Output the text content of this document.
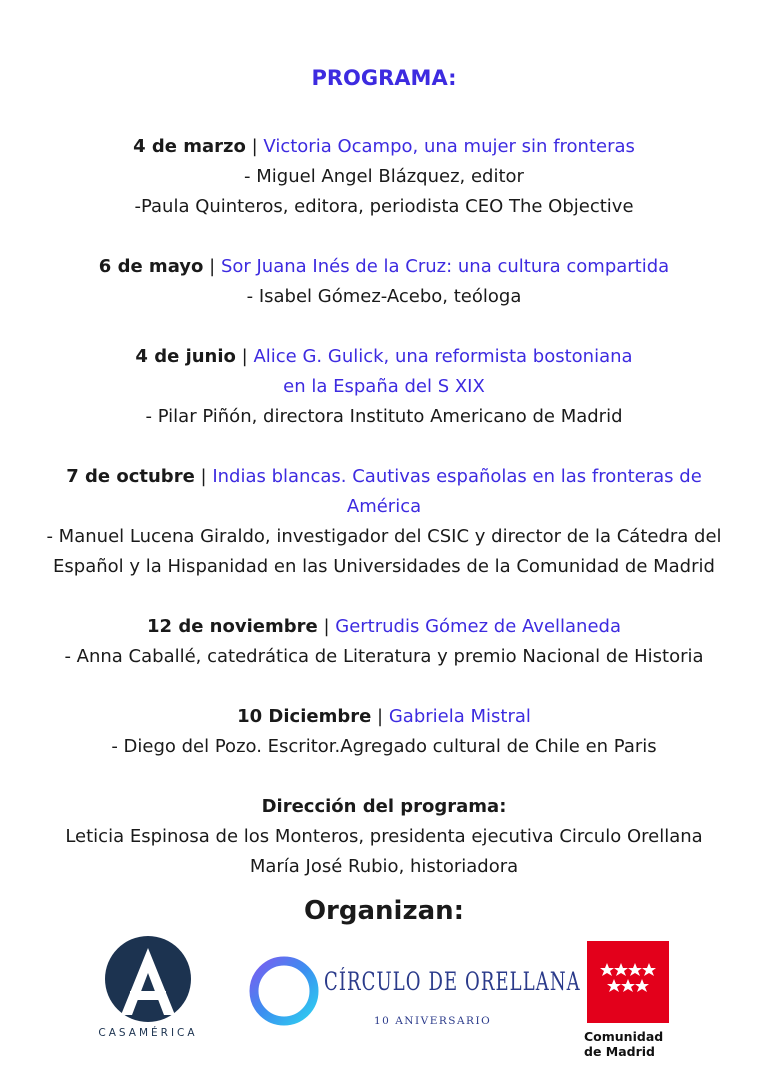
PROGRAMA:
4 de marzo | Victoria Ocampo, una mujer sin fronteras
- Miguel Angel Blázquez, editor
-Paula Quinteros, editora, periodista CEO The Objective
6 de mayo | Sor Juana Inés de la Cruz: una cultura compartida
- Isabel Gómez-Acebo, teóloga
4 de junio | Alice G. Gulick, una reformista bostoniana
en la España del S XIX
- Pilar Piñón, directora Instituto Americano de Madrid
7 de octubre | Indias blancas. Cautivas españolas en las fronteras de
América
- Manuel Lucena Giraldo, investigador del CSIC y director de la Cátedra del
Español y la Hispanidad en las Universidades de la Comunidad de Madrid
12 de noviembre | Gertrudis Gómez de Avellaneda
- Anna Caballé, catedrática de Literatura y premio Nacional de Historia
10 Diciembre | Gabriela Mistral
- Diego del Pozo. Escritor.Agregado cultural de Chile en Paris
Dirección del programa:
Leticia Espinosa de los Monteros, presidenta ejecutiva Circulo Orellana
María José Rubio, historiadora
Organizan:
CASAMÉRICA
CÍRCULO DE ORELLANA
10 ANIVERSARIO
Comunidad
de Madrid
